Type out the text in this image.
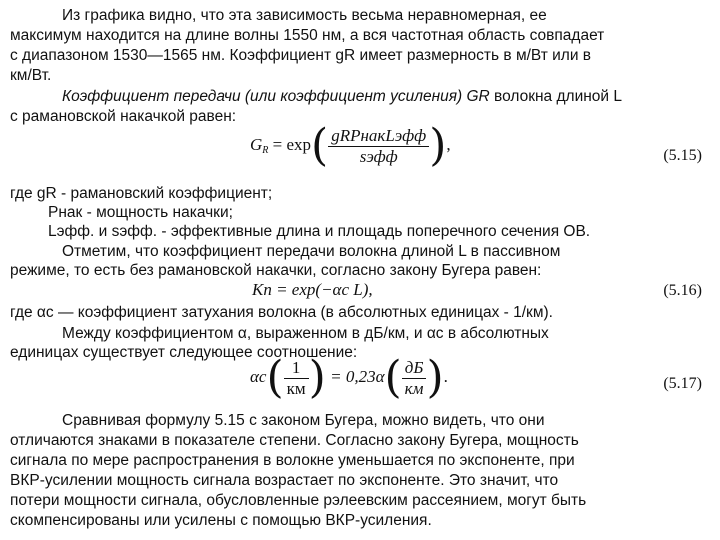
Из графика видно, что эта зависимость весьма неравномерная, ее
максимум находится на длине волны 1550 нм, а вся частотная область совпадает
с диапазоном 1530—1565 нм. Коэффициент gR имеет размерность в м/Вт или в
км/Вт.
Коэффициент передачи (или коэффициент усиления) GR волокна длиной L
с рамановской накачкой равен:
$G_R = \exp( \frac{\text{gRPнакLэфф}}{\text{sэфф}}$ ),
(5.15)
где gR - рамановский коэффициент;
Pнак - мощность накачки;
Lэфф. и sэфф. - эффективные длина и площадь поперечного сечения ОВ.
Отметим, что коэффициент передачи волокна длиной L в пассивном
режиме, то есть без рамановской накачки, согласно закону Бугера равен:
Kп = exp(−αс L),	(5.16)
где αс — коэффициент затухания волокна (в абсолютных единицах - 1/км).
Между коэффициентом α, выраженном в дБ/км, и αс в абсолютных
единицах существует следующее соотношение:
$\alpha с( \frac{1}{км}$ ) = $0,23\alpha( \frac{дБ}{км}$ ).	(5.17)
Сравнивая формулу 5.15 с законом Бугера, можно видеть, что они
отличаются знаками в показателе степени. Согласно закону Бугера, мощность
сигнала по мере распространения в волокне уменьшается по экспоненте, при
ВКР-усилении мощность сигнала возрастает по экспоненте. Это значит, что
потери мощности сигнала, обусловленные рэлеевским рассеянием, могут быть
скомпенсированы или усилены с помощью ВКР-усиления.
